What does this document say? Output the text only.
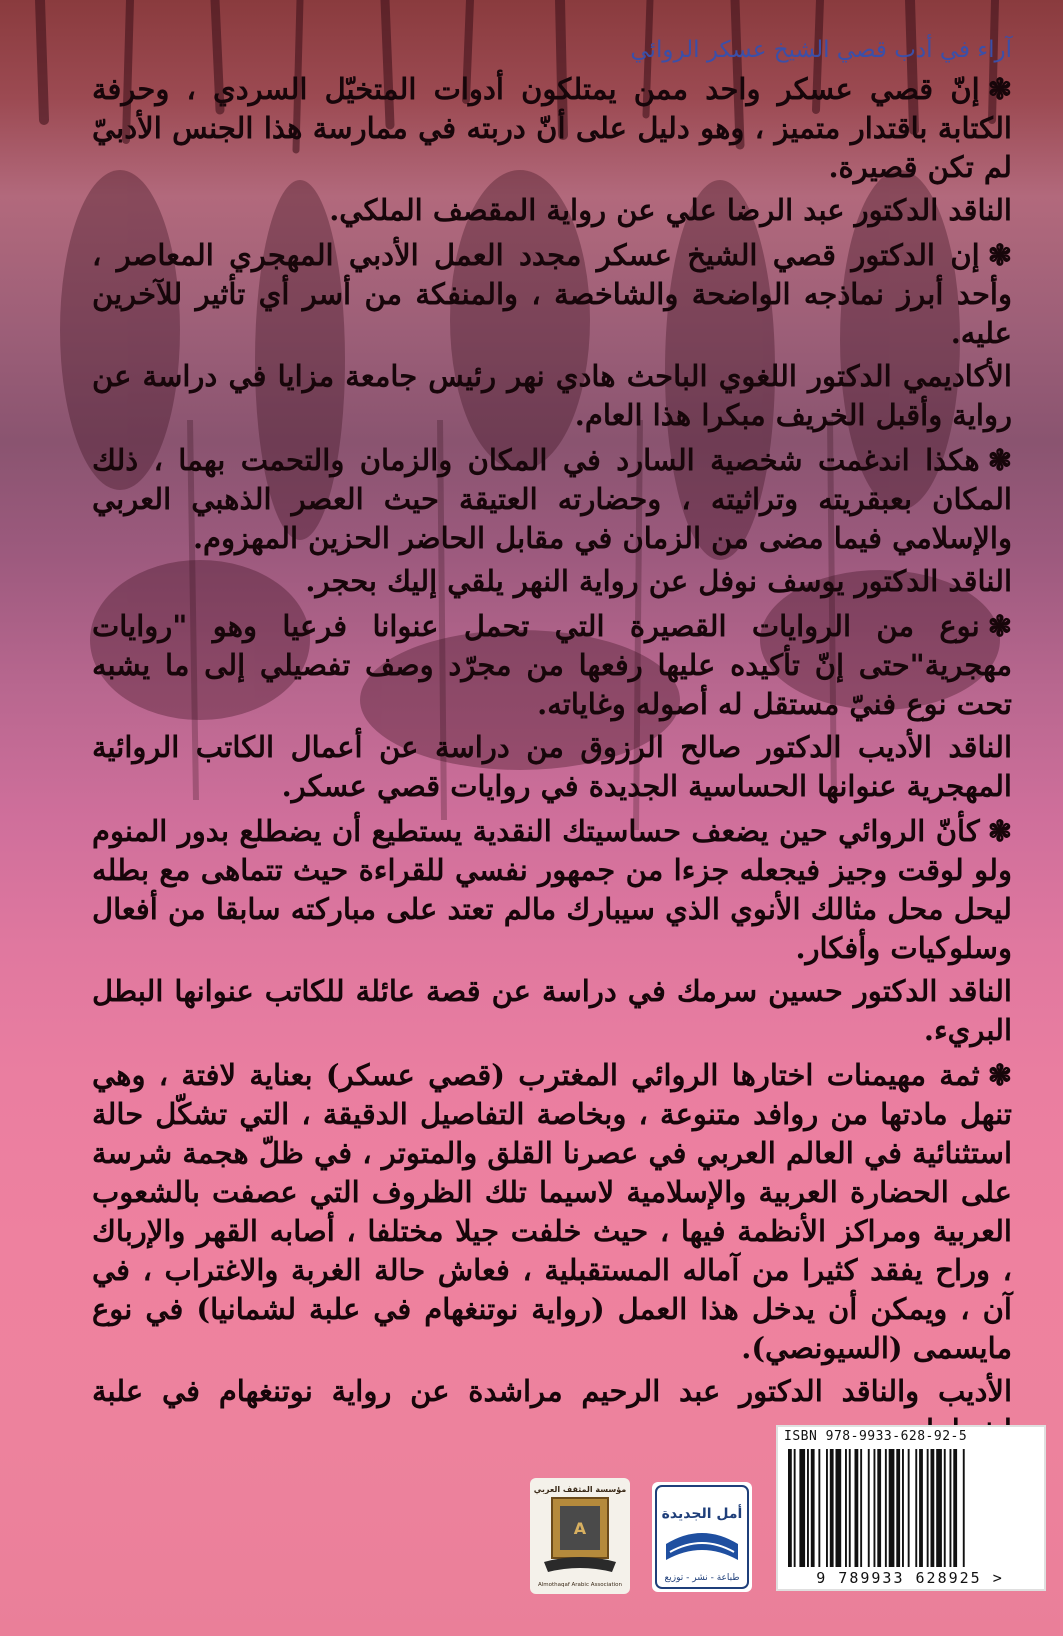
آراء في أدب قصي الشيخ عسكر الروائي
❃إنّ قصي عسكر واحد ممن يمتلكون أدوات المتخيّل السردي ، وحرفة الكتابة باقتدار متميز ، وهو دليل على أنّ دربته في ممارسة هذا الجنس الأدبيّ لم تكن قصيرة.
الناقد الدكتور عبد الرضا علي عن رواية المقصف الملكي.
❃إن الدكتور قصي الشيخ عسكر مجدد العمل الأدبي المهجري المعاصر ، وأحد أبرز نماذجه الواضحة والشاخصة ، والمنفكة من أسر أي تأثير للآخرين عليه.
الأكاديمي الدكتور اللغوي الباحث هادي نهر رئيس جامعة مزايا في دراسة عن رواية وأقبل الخريف مبكرا هذا العام.
❃هكذا اندغمت شخصية السارد في المكان والزمان والتحمت بهما ، ذلك المكان بعبقريته وتراثيته ، وحضارته العتيقة حيث العصر الذهبي العربي والإسلامي فيما مضى من الزمان في مقابل الحاضر الحزين المهزوم.
الناقد الدكتور يوسف نوفل عن رواية النهر يلقي إليك بحجر.
❃نوع من الروايات القصيرة التي تحمل عنوانا فرعيا وهو "روايات مهجرية"حتى إنّ تأكيده عليها رفعها من مجرّد وصف تفصيلي إلى ما يشبه تحت نوع فنيّ مستقل له أصوله وغاياته.
الناقد الأديب الدكتور صالح الرزوق من دراسة عن أعمال الكاتب الروائية المهجرية عنوانها الحساسية الجديدة في روايات قصي عسكر.
❃كأنّ الروائي حين يضعف حساسيتك النقدية يستطيع أن يضطلع بدور المنوم ولو لوقت وجيز فيجعله جزءا من جمهور نفسي للقراءة حيث تتماهى مع بطله ليحل محل مثالك الأنوي الذي سيبارك مالم تعتد على مباركته سابقا من أفعال وسلوكيات وأفكار.
الناقد الدكتور حسين سرمك في دراسة عن قصة عائلة للكاتب عنوانها البطل البريء.
❃ثمة مهيمنات اختارها الروائي المغترب (قصي عسكر) بعناية لافتة ، وهي تنهل مادتها من روافد متنوعة ، وبخاصة التفاصيل الدقيقة ، التي تشكّل حالة استثنائية في العالم العربي في عصرنا القلق والمتوتر ، في ظلّ هجمة شرسة على الحضارة العربية والإسلامية لاسيما تلك الظروف التي عصفت بالشعوب العربية ومراكز الأنظمة فيها ، حيث خلفت جيلا مختلفا ، أصابه القهر والإرباك ، وراح يفقد كثيرا من آماله المستقبلية ، فعاش حالة الغربة والاغتراب ، في آن ، ويمكن أن يدخل هذا العمل (رواية نوتنغهام في علبة لشمانيا) في نوع مايسمى (السيونصي).
الأديب والناقد الدكتور عبد الرحيم مراشدة عن رواية نوتنغهام في علبة
ISBN 978-9933-628-92-5
9 789933 628925 >
أمل الجديدة
طباعة - نشر - توزيع
مؤسسة المثقف العربي
A
Almothaqaf Arabic Association
